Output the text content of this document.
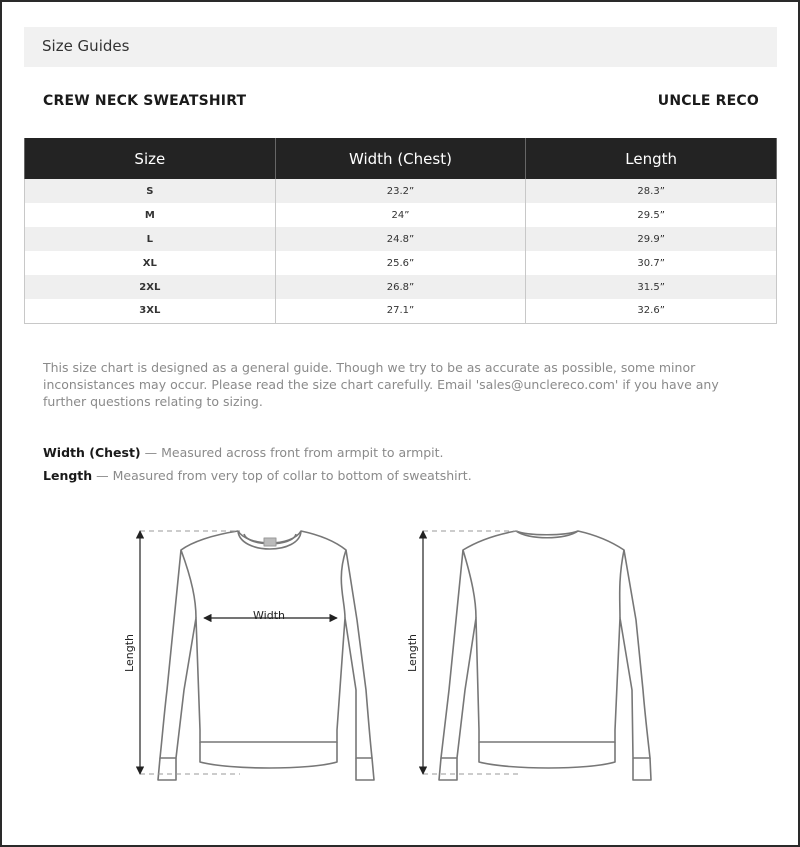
Size Guides
CREW NECK SWEATSHIRT	UNCLE RECO
Size	Width (Chest)	Length
S	23.2”	28.3”
M	24”	29.5”
L	24.8”	29.9”
XL	25.6”	30.7”
2XL	26.8”	31.5”
3XL	27.1”	32.6”

This size chart is designed as a general guide. Though we try to be as accurate as possible, some minor inconsistances may occur. Please read the size chart carefully. Email 'sales@unclereco.com' if you have any further questions relating to sizing.

Width (Chest) — Measured across front from armpit to armpit.
Length — Measured from very top of collar to bottom of sweatshirt.
Width
Length	Length
